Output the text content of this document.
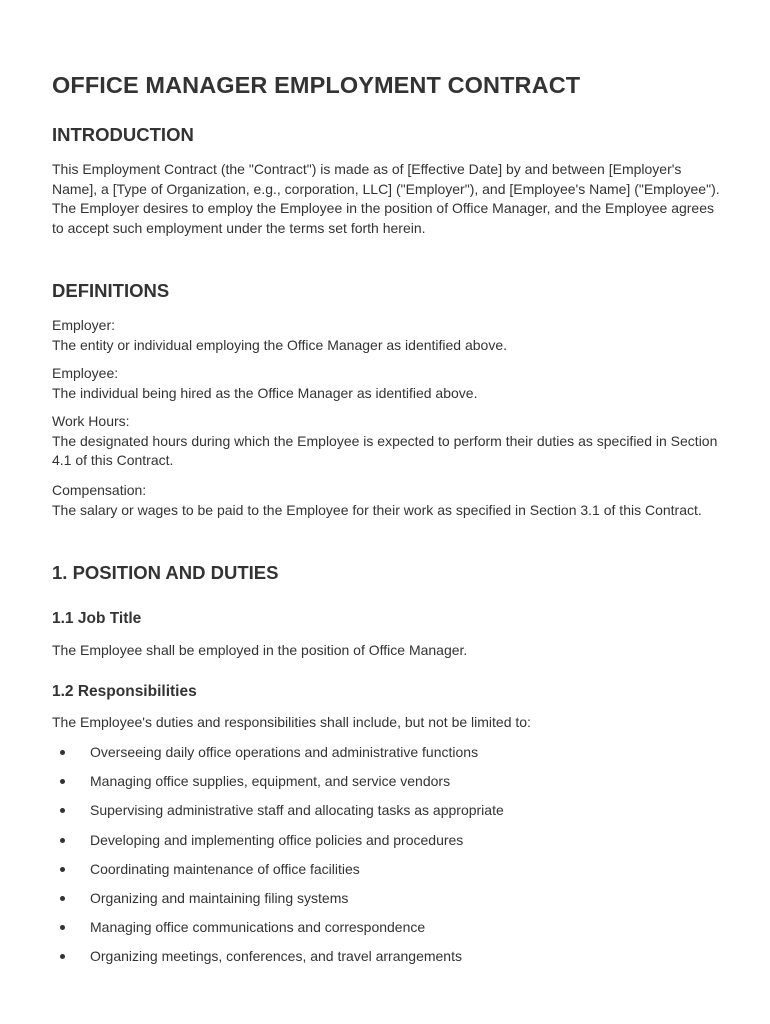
OFFICE MANAGER EMPLOYMENT CONTRACT
INTRODUCTION

This Employment Contract (the "Contract") is made as of [Effective Date] by and between [Employer's Name], a [Type of Organization, e.g., corporation, LLC] ("Employer"), and [Employee's Name] ("Employee"). The Employer desires to employ the Employee in the position of Office Manager, and the Employee agrees to accept such employment under the terms set forth herein.

DEFINITIONS
Employer:
The entity or individual employing the Office Manager as identified above.
Employee:
The individual being hired as the Office Manager as identified above.
Work Hours:
The designated hours during which the Employee is expected to perform their duties as specified in Section 4.1 of this Contract.
Compensation:
The salary or wages to be paid to the Employee for their work as specified in Section 3.1 of this Contract.
1. POSITION AND DUTIES
1.1 Job Title

The Employee shall be employed in the position of Office Manager.

1.2 Responsibilities

The Employee's duties and responsibilities shall include, but not be limited to:

Overseeing daily office operations and administrative functions
Managing office supplies, equipment, and service vendors
Supervising administrative staff and allocating tasks as appropriate
Developing and implementing office policies and procedures
Coordinating maintenance of office facilities
Organizing and maintaining filing systems
Managing office communications and correspondence
Organizing meetings, conferences, and travel arrangements
